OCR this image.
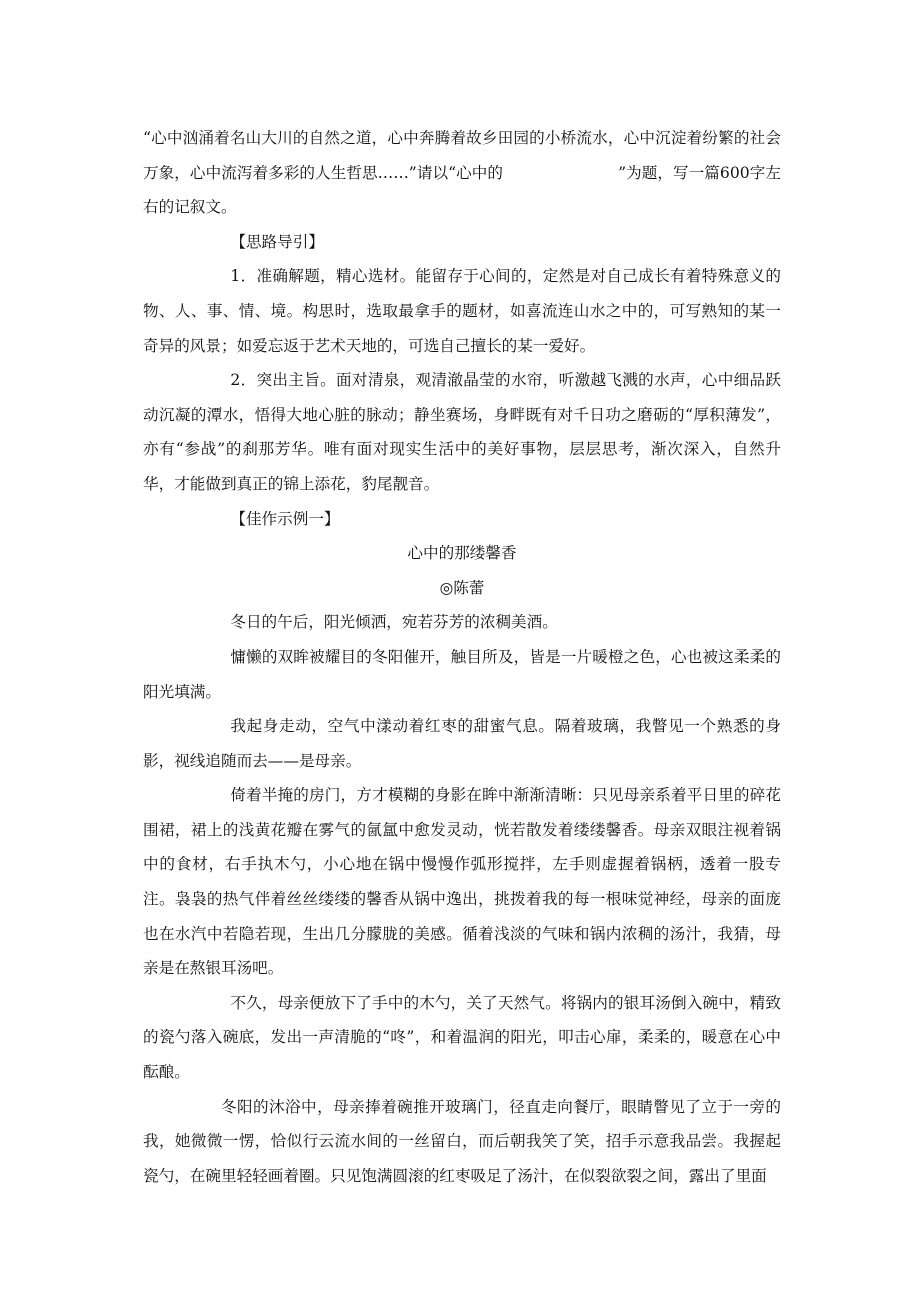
“心中汹涌着名山大川的自然之道，心中奔腾着故乡田园的小桥流水，心中沉淀着纷繁的社会万象，心中流泻着多彩的人生哲思……”请以“心中的	”为题，写一篇600字左右的记叙文。

【思路导引】

1．准确解题，精心选材。能留存于心间的，定然是对自己成长有着特殊意义的物、人、事、情、境。构思时，选取最拿手的题材，如喜流连山水之中的，可写熟知的某一奇异的风景；如爱忘返于艺术天地的，可选自己擅长的某一爱好。

2．突出主旨。面对清泉，观清澈晶莹的水帘，听激越飞溅的水声，心中细品跃动沉凝的潭水，悟得大地心脏的脉动；静坐赛场，身畔既有对千日功之磨砺的“厚积薄发”，亦有“参战”的刹那芳华。唯有面对现实生活中的美好事物，层层思考，渐次深入，自然升华，才能做到真正的锦上添花，豹尾靓音。

【佳作示例一】

心中的那缕馨香

◎陈蕾

冬日的午后，阳光倾洒，宛若芬芳的浓稠美酒。

慵懒的双眸被耀目的冬阳催开，触目所及，皆是一片暖橙之色，心也被这柔柔的阳光填满。

我起身走动，空气中漾动着红枣的甜蜜气息。隔着玻璃，我瞥见一个熟悉的身影，视线追随而去——是母亲。

倚着半掩的房门，方才模糊的身影在眸中渐渐清晰：只见母亲系着平日里的碎花围裙，裙上的浅黄花瓣在雾气的氤氲中愈发灵动，恍若散发着缕缕馨香。母亲双眼注视着锅中的食材，右手执木勺，小心地在锅中慢慢作弧形搅拌，左手则虚握着锅柄，透着一股专注。袅袅的热气伴着丝丝缕缕的馨香从锅中逸出，挑拨着我的每一根味觉神经，母亲的面庞也在水汽中若隐若现，生出几分朦胧的美感。循着浅淡的气味和锅内浓稠的汤汁，我猜，母亲是在熬银耳汤吧。

不久，母亲便放下了手中的木勺，关了天然气。将锅内的银耳汤倒入碗中，精致的瓷勺落入碗底，发出一声清脆的“咚”，和着温润的阳光，叩击心扉，柔柔的，暖意在心中酝酿。

冬阳的沐浴中，母亲捧着碗推开玻璃门，径直走向餐厅，眼睛瞥见了立于一旁的我，她微微一愣，恰似行云流水间的一丝留白，而后朝我笑了笑，招手示意我品尝。我握起瓷勺，在碗里轻轻画着圈。只见饱满圆滚的红枣吸足了汤汁，在似裂欲裂之间，露出了里面
